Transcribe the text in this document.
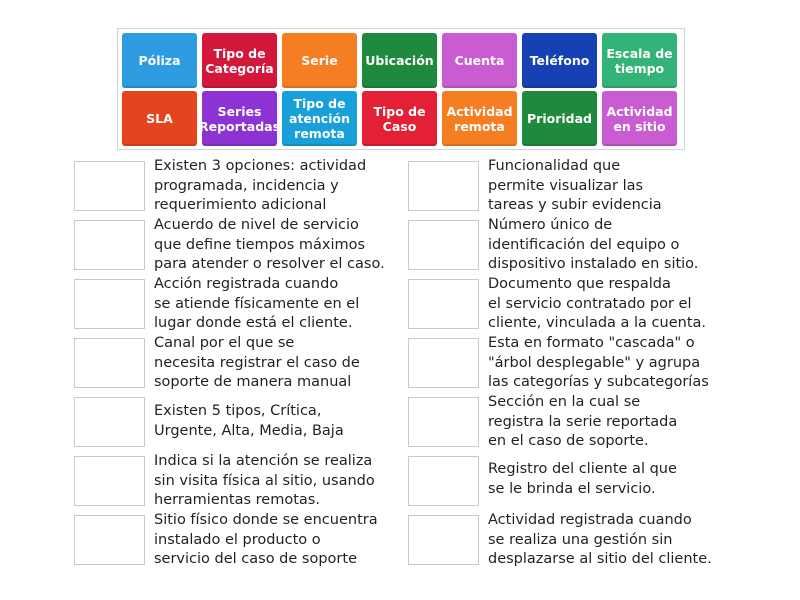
Póliza	Tipo de Categoría	Serie	Ubicación	Cuenta	Teléfono	Escala de tiempo
SLA	Series Reportadas
Tipo de atención remota
Tipo de Caso
Actividad remota	Prioridad	Actividad en sitio
Existen 3 opciones: actividad
programada, incidencia y
requerimiento adicional
Acuerdo de nivel de servicio
que define tiempos máximos
para atender o resolver el caso.
Acción registrada cuando
se atiende físicamente en el
lugar donde está el cliente.
Canal por el que se
necesita registrar el caso de
soporte de manera manual
Existen 5 tipos, Crítica,
Urgente, Alta, Media, Baja
Indica si la atención se realiza
sin visita física al sitio, usando
herramientas remotas.
Sitio físico donde se encuentra
instalado el producto o
servicio del caso de soporte
Funcionalidad que
permite visualizar las
tareas y subir evidencia
Número único de
identificación del equipo o
dispositivo instalado en sitio.
Documento que respalda
el servicio contratado por el
cliente, vinculada a la cuenta.
Esta en formato "cascada" o
"árbol desplegable" y agrupa
las categorías y subcategorías
Sección en la cual se
registra la serie reportada
en el caso de soporte.
Registro del cliente al que
se le brinda el servicio.
Actividad registrada cuando
se realiza una gestión sin
desplazarse al sitio del cliente.
